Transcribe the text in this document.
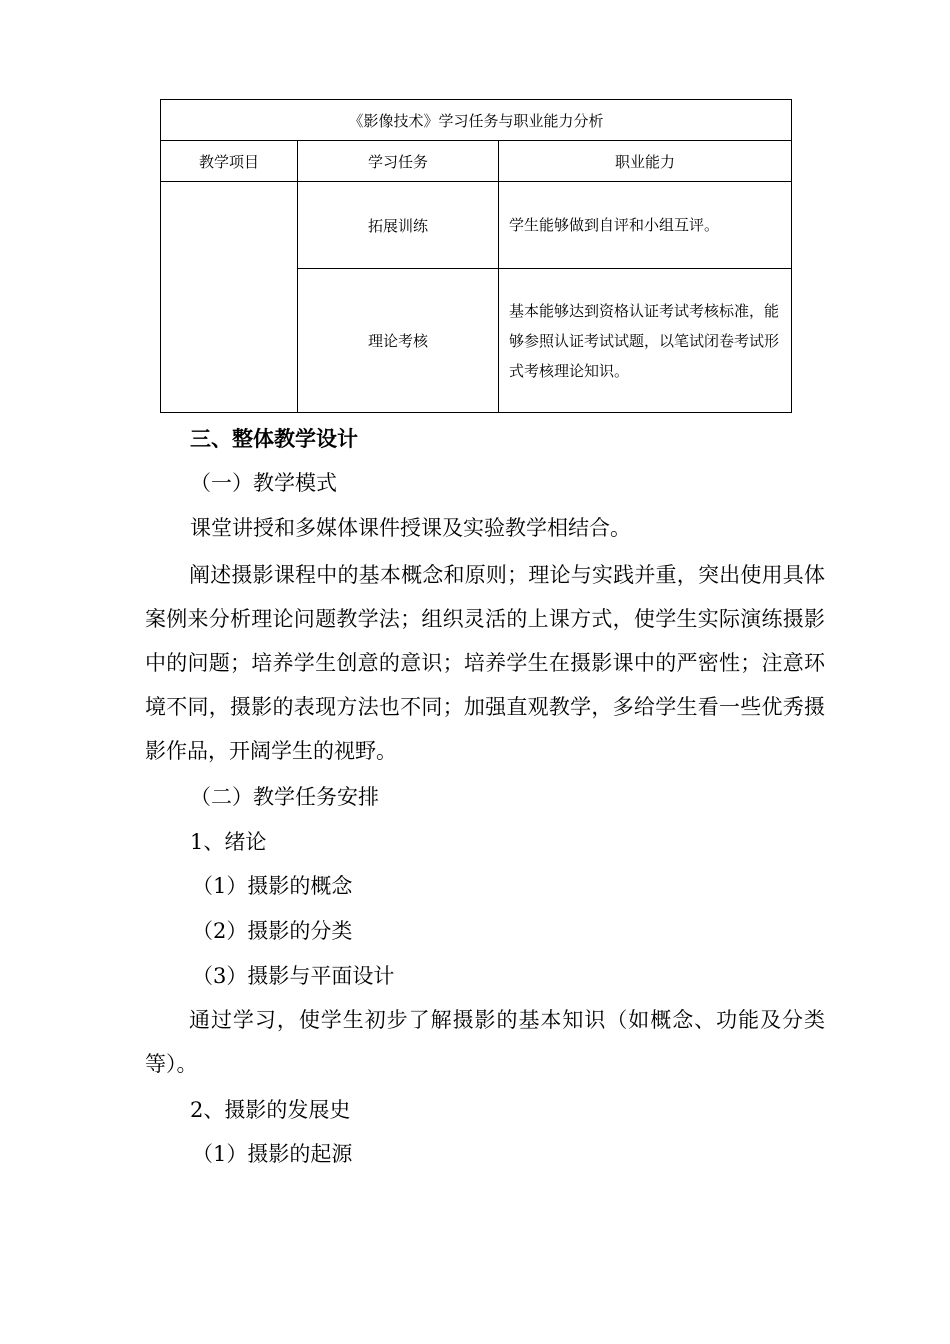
《影像技术》学习任务与职业能力分析		
教学项目	学习任务	职业能力
	拓展训练	学生能够做到自评和小组互评。
	理论考核	基本能够达到资格认证考试考核标准，能够参照认证考试试题，以笔试闭卷考试形式考核理论知识。
三、整体教学设计
（一）教学模式
课堂讲授和多媒体课件授课及实验教学相结合。
阐述摄影课程中的基本概念和原则；理论与实践并重，突出使用具体案例来分析理论问题教学法；组织灵活的上课方式，使学生实际演练摄影中的问题；培养学生创意的意识；培养学生在摄影课中的严密性；注意环境不同，摄影的表现方法也不同；加强直观教学，多给学生看一些优秀摄影作品，开阔学生的视野。
（二）教学任务安排
1、绪论
（1）摄影的概念
（2）摄影的分类
（3）摄影与平面设计
通过学习，使学生初步了解摄影的基本知识（如概念、功能及分类等）。
2、摄影的发展史
（1）摄影的起源
